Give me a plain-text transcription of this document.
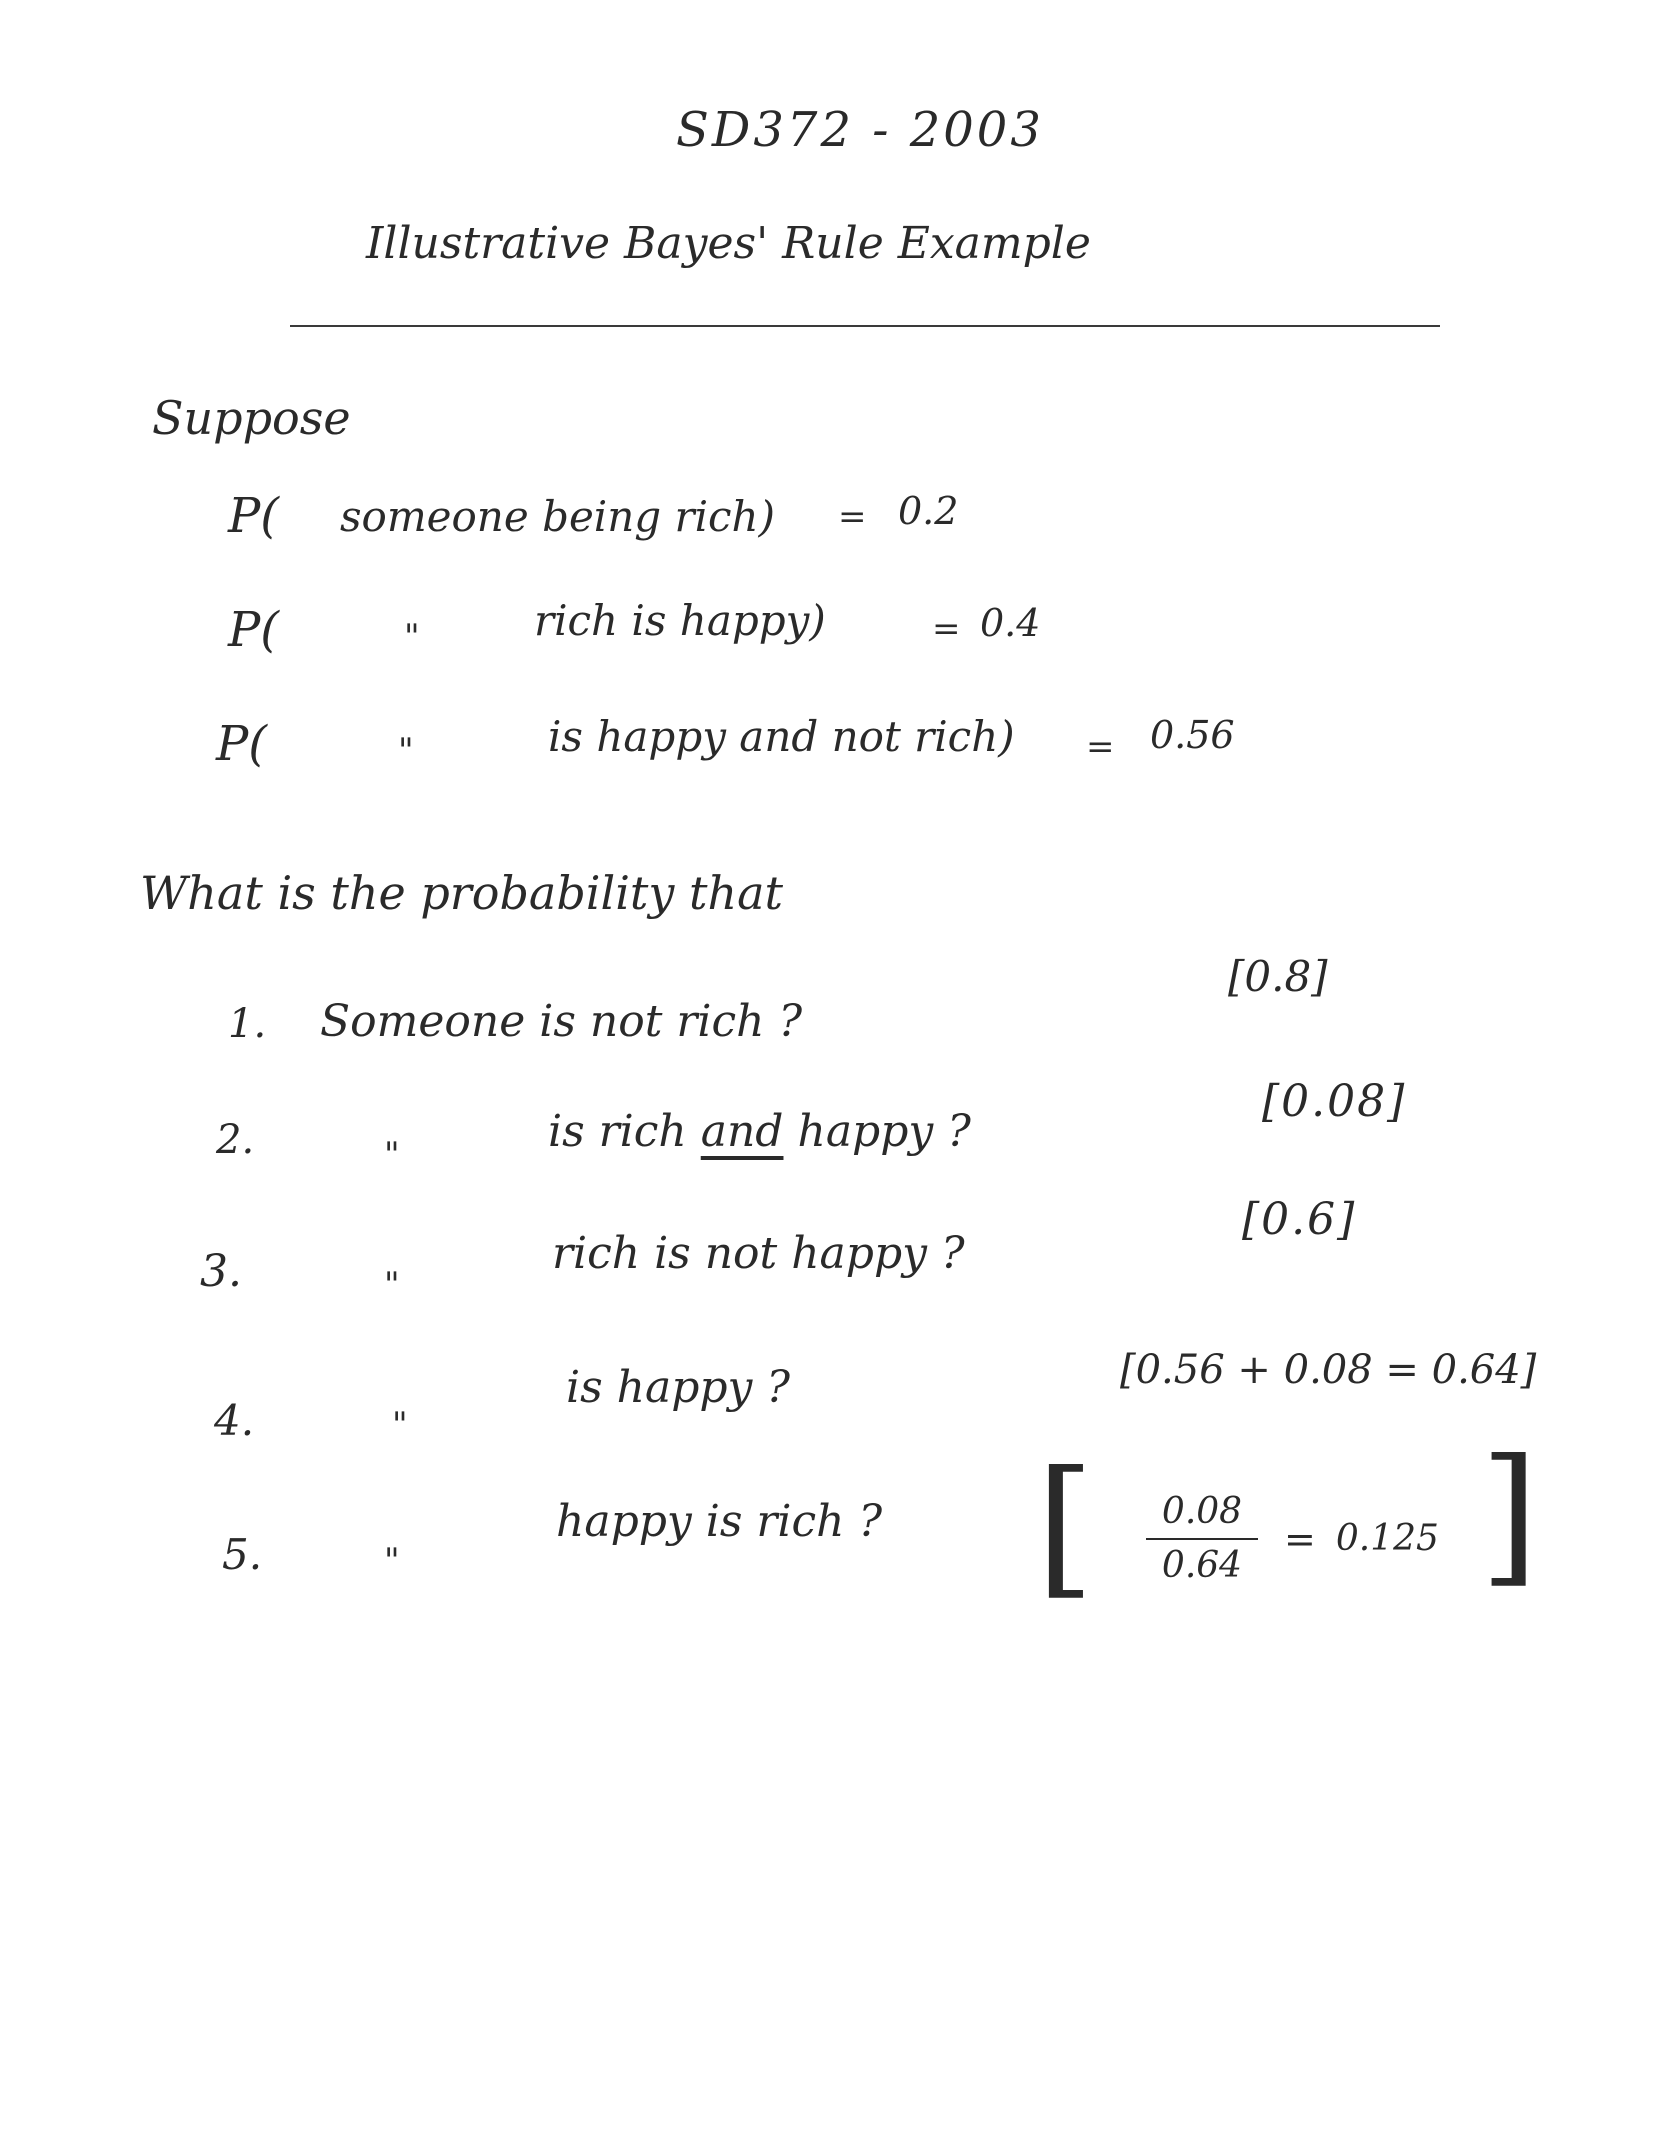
SD372 - 2003
Illustrative Bayes' Rule Example
Suppose
P( someone being rich) = 0.2
P(	"	rich is happy)	= 0.4
P(	"	is happy and not rich) = 0.56
What is the probability that
1. Someone is not rich ?
[0.8]
2.	"	is rich and happy ?
[0.08]
3.	"
rich is not happy ?
[0.6]
4.	"
is happy ?	[0.56 + 0.08 = 0.64]
5.	"
happy is rich ? [ $\frac{0.08}{0.64} = 0.125$ ]
